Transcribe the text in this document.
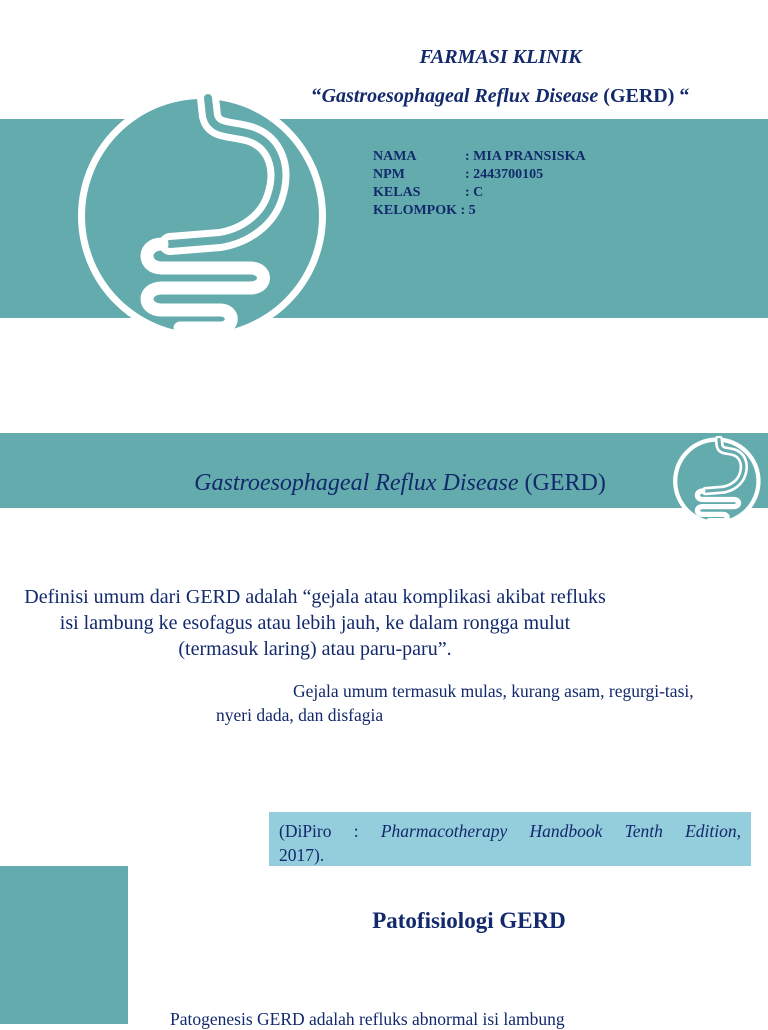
FARMASI KLINIK
“Gastroesophageal Reflux Disease (GERD) “
NAMA	: MIA PRANSISKA
NPM	: 2443700105
KELAS	: C
KELOMPOK : 5
Gastroesophageal Reflux Disease (GERD)
Definisi umum dari GERD adalah “gejala atau komplikasi akibat refluks isi lambung ke esofagus atau lebih jauh, ke dalam rongga mulut (termasuk laring) atau paru-paru”.
Gejala umum termasuk mulas, kurang asam, regurgi-tasi, nyeri dada, dan disfagia
(DiPiro : Pharmacotherapy Handbook Tenth Edition,
2017).
Patofisiologi GERD
Patogenesis GERD adalah refluks abnormal isi lambung
